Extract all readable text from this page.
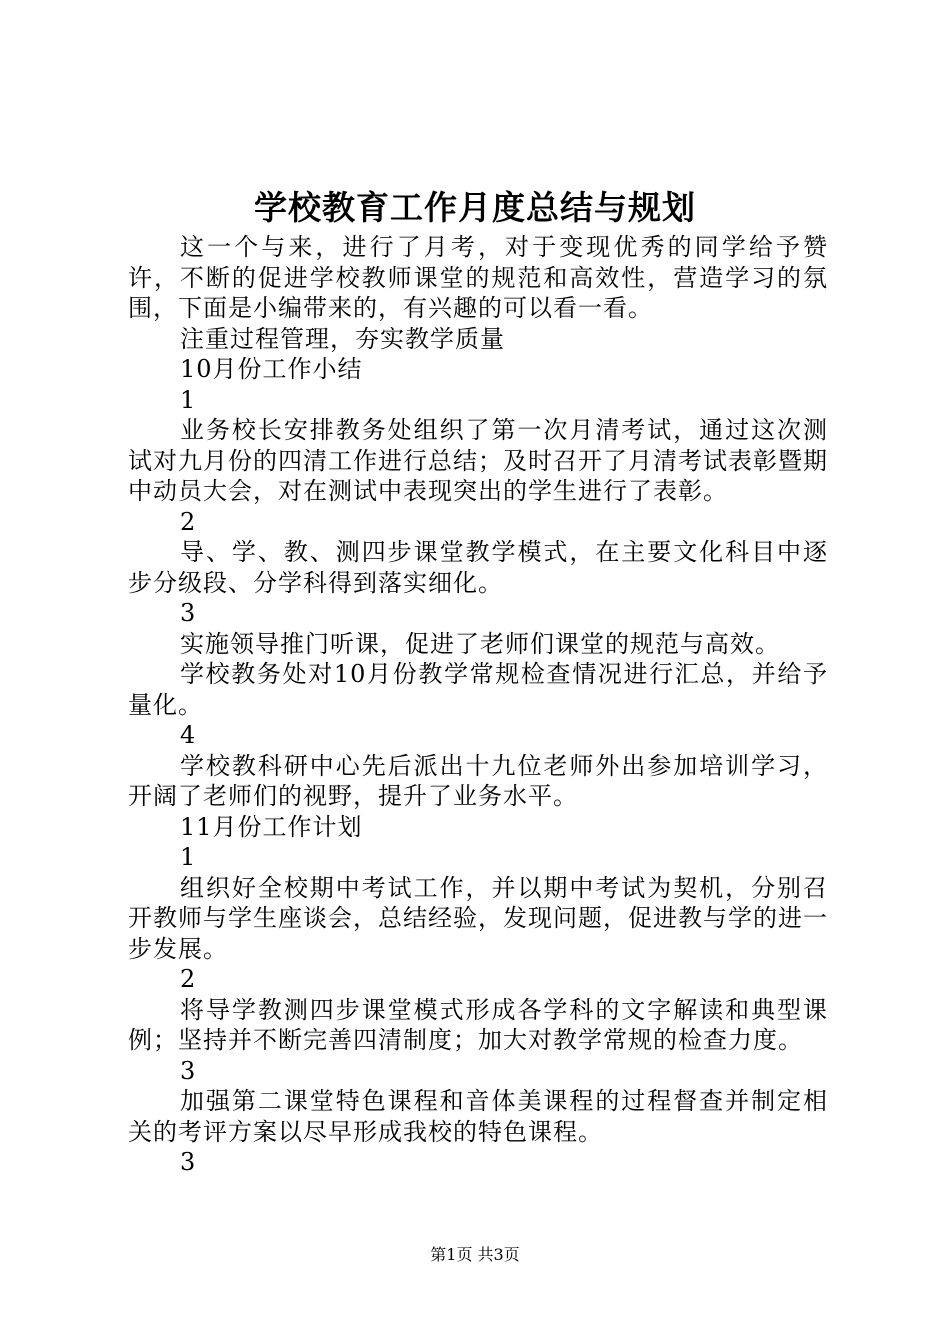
学校教育工作月度总结与规划

这一个与来，进行了月考，对于变现优秀的同学给予赞许，不断的促进学校教师课堂的规范和高效性，营造学习的氛围，下面是小编带来的，有兴趣的可以看一看。

注重过程管理，夯实教学质量

10月份工作小结

1

业务校长安排教务处组织了第一次月清考试，通过这次测试对九月份的四清工作进行总结；及时召开了月清考试表彰暨期中动员大会，对在测试中表现突出的学生进行了表彰。

2

导、学、教、测四步课堂教学模式，在主要文化科目中逐步分级段、分学科得到落实细化。

3

实施领导推门听课，促进了老师们课堂的规范与高效。

学校教务处对10月份教学常规检查情况进行汇总，并给予量化。

4

学校教科研中心先后派出十九位老师外出参加培训学习，开阔了老师们的视野，提升了业务水平。

11月份工作计划

1

组织好全校期中考试工作，并以期中考试为契机，分别召开教师与学生座谈会，总结经验，发现问题，促进教与学的进一步发展。

2

将导学教测四步课堂模式形成各学科的文字解读和典型课例；坚持并不断完善四清制度；加大对教学常规的检查力度。

3

加强第二课堂特色课程和音体美课程的过程督查并制定相关的考评方案以尽早形成我校的特色课程。

3

第1页 共3页
